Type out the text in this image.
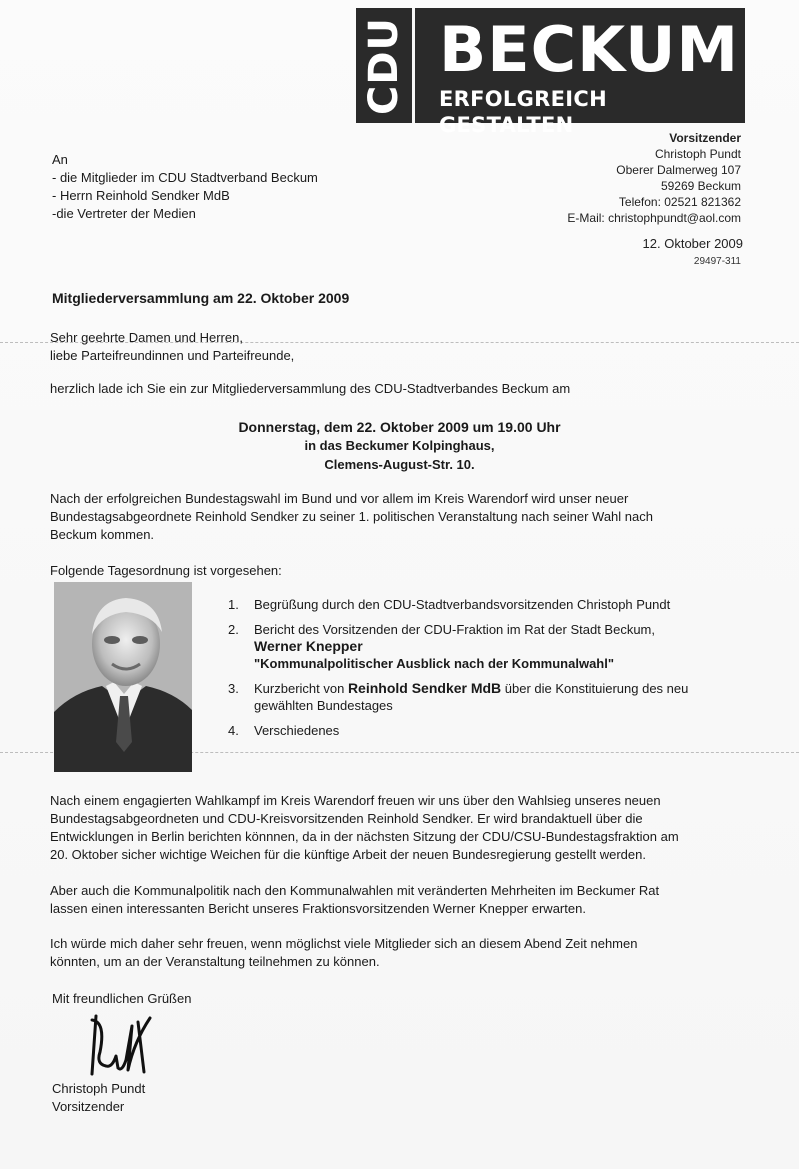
CDU BECKUM
ERFOLGREICH GESTALTEN
Vorsitzender
Christoph Pundt
Oberer Dalmerweg 107
59269 Beckum
Telefon: 02521 821362
E-Mail: christophpundt@aol.com
12. Oktober 2009
29497-311
An
- die Mitglieder im CDU Stadtverband Beckum
- Herrn Reinhold Sendker MdB
-die Vertreter der Medien
Mitgliederversammlung am 22. Oktober 2009
Sehr geehrte Damen und Herren,
liebe Parteifreundinnen und Parteifreunde,
herzlich lade ich Sie ein zur Mitgliederversammlung des CDU-Stadtverbandes Beckum am
Donnerstag, dem 22. Oktober 2009 um 19.00 Uhr
in das Beckumer Kolpinghaus,
Clemens-August-Str. 10.
Nach der erfolgreichen Bundestagswahl im Bund und vor allem im Kreis Warendorf wird unser neuer
Bundestagsabgeordnete Reinhold Sendker zu seiner 1. politischen Veranstaltung nach seiner Wahl nach
Beckum kommen.
Folgende Tagesordnung ist vorgesehen:
1.	Begrüßung durch den CDU-Stadtverbandsvorsitzenden Christoph Pundt
2.	Bericht des Vorsitzenden der CDU-Fraktion im Rat der Stadt Beckum,
Werner Knepper
"Kommunalpolitischer Ausblick nach der Kommunalwahl"
3.	Kurzbericht von Reinhold Sendker MdB über die Konstituierung des neu
gewählten Bundestages
4.	Verschiedenes
Nach einem engagierten Wahlkampf im Kreis Warendorf freuen wir uns über den Wahlsieg unseres neuen
Bundestagsabgeordneten und CDU-Kreisvorsitzenden Reinhold Sendker. Er wird brandaktuell über die
Entwicklungen in Berlin berichten könnnen, da in der nächsten Sitzung der CDU/CSU-Bundestagsfraktion am
20. Oktober sicher wichtige Weichen für die künftige Arbeit der neuen Bundesregierung gestellt werden.
Aber auch die Kommunalpolitik nach den Kommunalwahlen mit veränderten Mehrheiten im Beckumer Rat
lassen einen interessanten Bericht unseres Fraktionsvorsitzenden Werner Knepper erwarten.
Ich würde mich daher sehr freuen, wenn möglichst viele Mitglieder sich an diesem Abend Zeit nehmen
könnten, um an der Veranstaltung teilnehmen zu können.
Mit freundlichen Grüßen
Christoph Pundt
Vorsitzender
